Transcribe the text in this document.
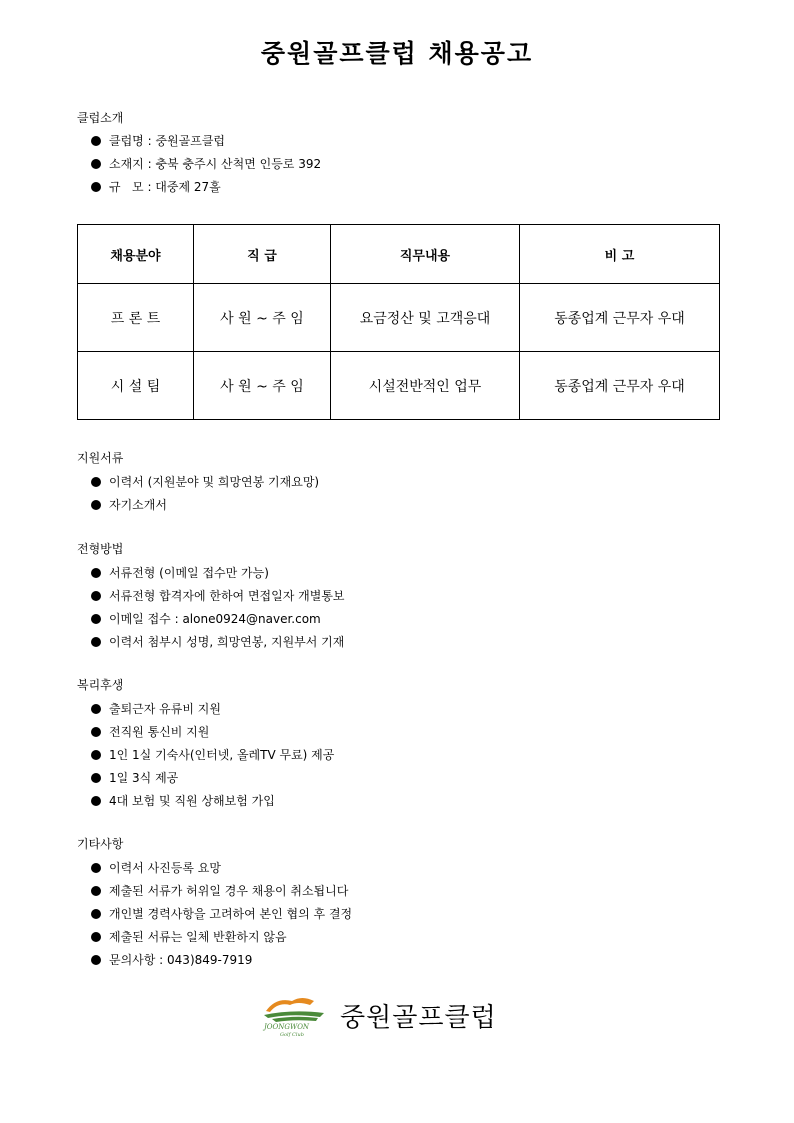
중원골프클럽 채용공고
클럽소개
클럽명 : 중원골프클럽
소재지 : 충북 충주시 산척면 인등로 392
규   모 : 대중제 27홀
채용분야	직 급	직무내용	비 고
프 론 트	사 원 ~ 주 임	요금정산 및 고객응대	동종업계 근무자 우대
시 설 팀	사 원 ~ 주 임	시설전반적인 업무	동종업계 근무자 우대
지원서류
이력서 (지원분야 및 희망연봉 기재요망)
자기소개서
전형방법
서류전형 (이메일 접수만 가능)
서류전형 합격자에 한하여 면접일자 개별통보
이메일 접수 : alone0924@naver.com
이력서 첨부시 성명, 희망연봉, 지원부서 기재
복리후생
출퇴근자 유류비 지원
전직원 통신비 지원
1인 1실 기숙사(인터넷, 올레TV 무료) 제공
1일 3식 제공
4대 보험 및 직원 상해보험 가입
기타사항
이력서 사진등록 요망
제출된 서류가 허위일 경우 채용이 취소됩니다
개인별 경력사항을 고려하여 본인 협의 후 결정
제출된 서류는 일체 반환하지 않음
문의사항 : 043)849-7919
JOONGWON
Golf Club
중원골프클럽
